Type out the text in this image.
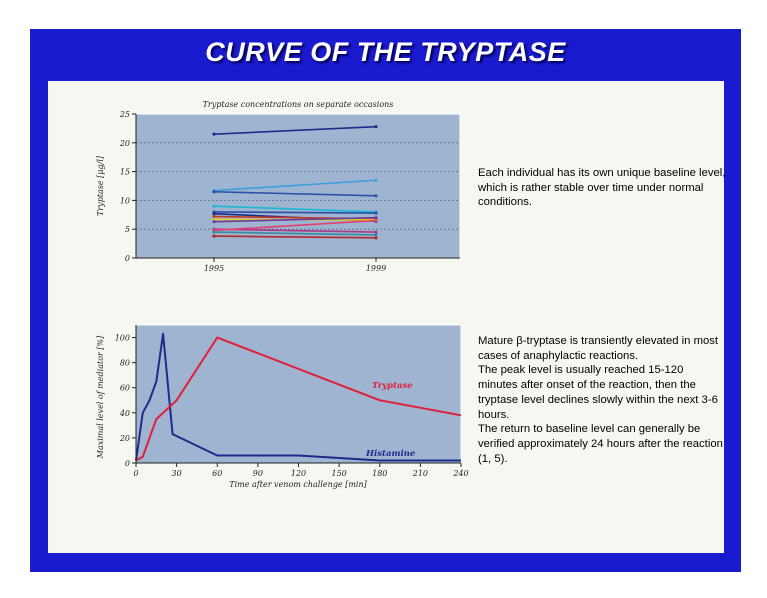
CURVE OF THE TRYPTASE
0
5
10
15
20
25
1995	1999
Tryptase concentrations on separate occasions
Tryptase [μg/l]
0
20
40
60
80
100
0	30	60	90	120	150	180	210	240
Histamine
Tryptase
Time after venom challenge [min]
Maximal level of mediator [%]

Each individual has its own unique baseline level, which is rather stable over time under normal conditions.

Mature β-tryptase is transiently elevated in most cases of anaphylactic reactions.
The peak level is usually reached 15-120 minutes after onset of the reaction, then the tryptase level declines slowly within the next 3-6 hours.
The return to baseline level can generally be verified approximately 24 hours after the reaction (1, 5).
